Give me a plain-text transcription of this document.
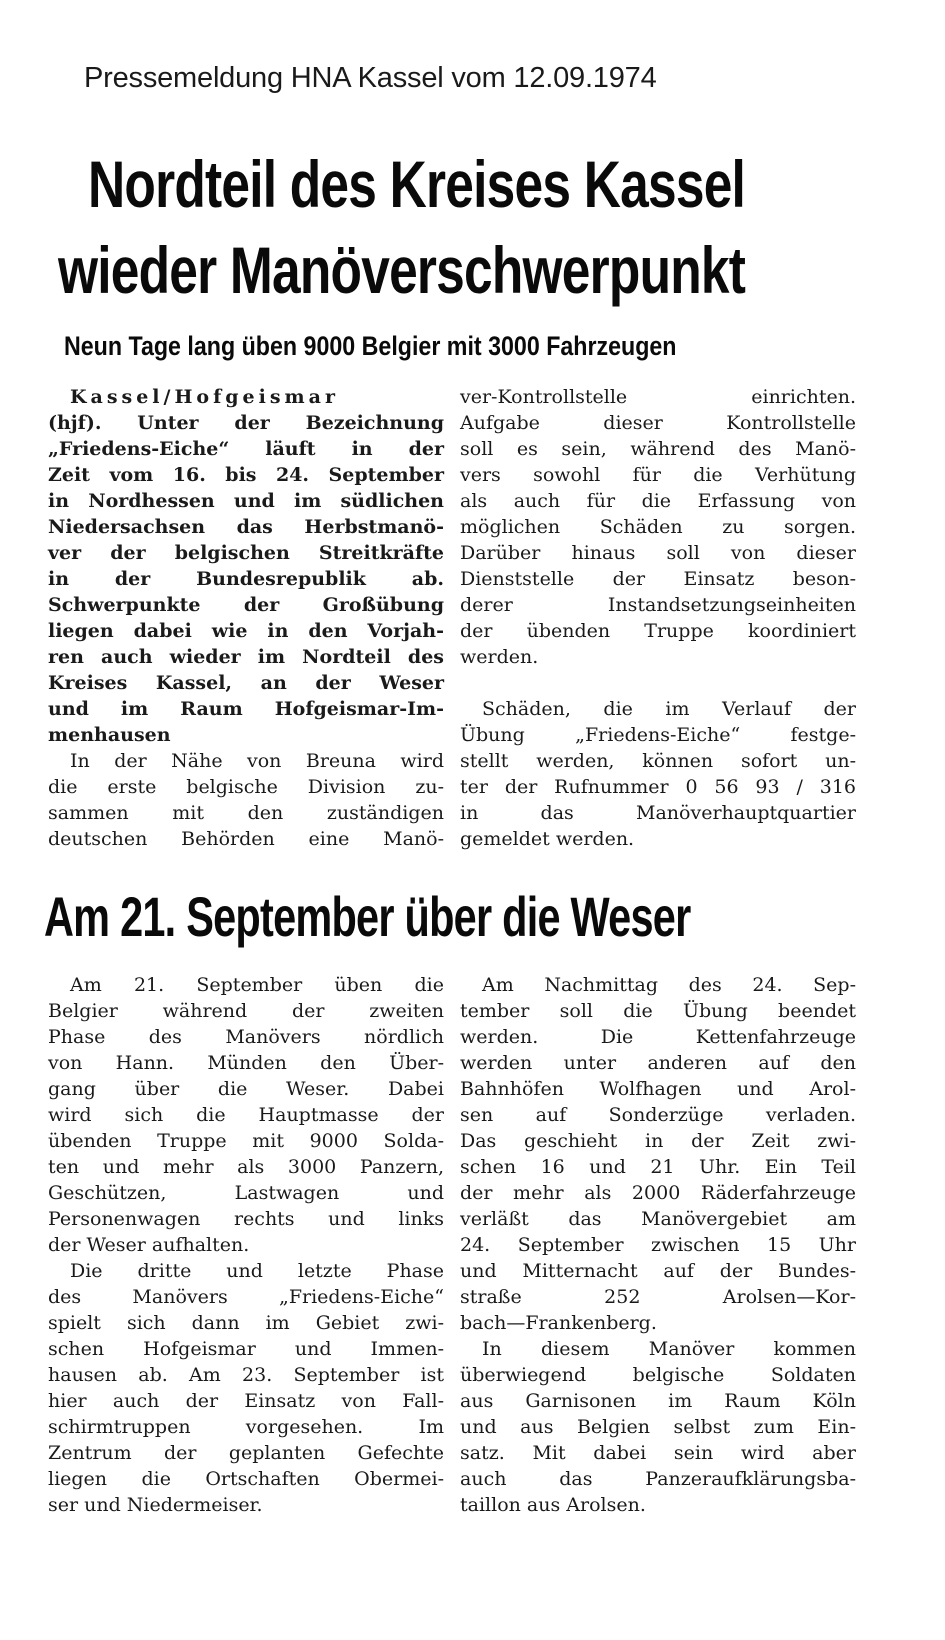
Pressemeldung HNA Kassel vom 12.09.1974
Nordteil des Kreises Kassel
wieder Manöverschwerpunkt
Neun Tage lang üben 9000 Belgier mit 3000 Fahrzeugen
Kassel/Hofgeismar
(hjf). Unter der Bezeichnung
„Friedens-Eiche“ läuft in der
Zeit vom 16. bis 24. September
in Nordhessen und im südlichen
Niedersachsen das Herbstmanö-
ver der belgischen Streitkräfte
in der Bundesrepublik ab.
Schwerpunkte der Großübung
liegen dabei wie in den Vorjah-
ren auch wieder im Nordteil des
Kreises Kassel, an der Weser
und im Raum Hofgeismar-Im-
menhausen
In der Nähe von Breuna wird
die erste belgische Division zu-
sammen mit den zuständigen
deutschen Behörden eine Manö-
ver-Kontrollstelle einrichten.
Aufgabe dieser Kontrollstelle
soll es sein, während des Manö-
vers sowohl für die Verhütung
als auch für die Erfassung von
möglichen Schäden zu sorgen.
Darüber hinaus soll von dieser
Dienststelle der Einsatz beson-
derer Instandsetzungseinheiten
der übenden Truppe koordiniert
werden.
Schäden, die im Verlauf der
Übung „Friedens-Eiche“ festge-
stellt werden, können sofort un-
ter der Rufnummer 0 56 93 / 316
in das Manöverhauptquartier
gemeldet werden.
Am 21. September über die Weser
Am 21. September üben die
Belgier während der zweiten
Phase des Manövers nördlich
von Hann. Münden den Über-
gang über die Weser. Dabei
wird sich die Hauptmasse der
übenden Truppe mit 9000 Solda-
ten und mehr als 3000 Panzern,
Geschützen, Lastwagen und
Personenwagen rechts und links
der Weser aufhalten.
Die dritte und letzte Phase
des Manövers „Friedens-Eiche“
spielt sich dann im Gebiet zwi-
schen Hofgeismar und Immen-
hausen ab. Am 23. September ist
hier auch der Einsatz von Fall-
schirmtruppen vorgesehen. Im
Zentrum der geplanten Gefechte
liegen die Ortschaften Obermei-
ser und Niedermeiser.
Am Nachmittag des 24. Sep-
tember soll die Übung beendet
werden. Die Kettenfahrzeuge
werden unter anderen auf den
Bahnhöfen Wolfhagen und Arol-
sen auf Sonderzüge verladen.
Das geschieht in der Zeit zwi-
schen 16 und 21 Uhr. Ein Teil
der mehr als 2000 Räderfahrzeuge
verläßt das Manövergebiet am
24. September zwischen 15 Uhr
und Mitternacht auf der Bundes-
straße 252 Arolsen—Kor-
bach—Frankenberg.
In diesem Manöver kommen
überwiegend belgische Soldaten
aus Garnisonen im Raum Köln
und aus Belgien selbst zum Ein-
satz. Mit dabei sein wird aber
auch das Panzeraufklärungsba-
taillon aus Arolsen.
